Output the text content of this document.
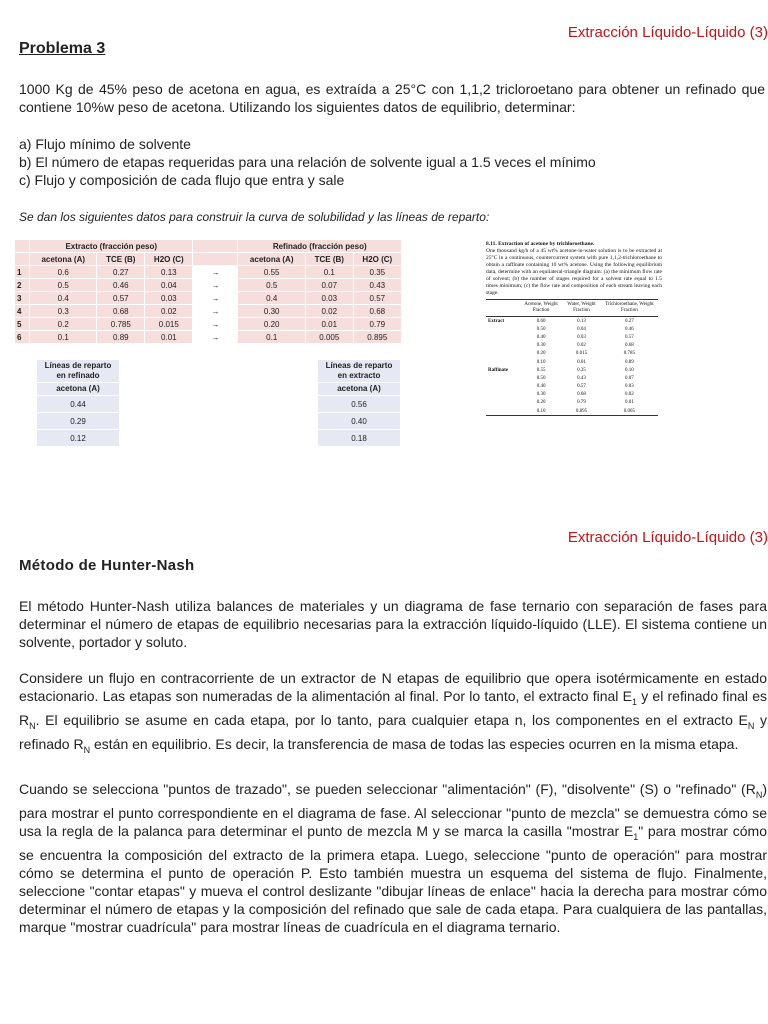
Extracción Líquido-Líquido (3)
Problema 3
1000 Kg de 45% peso de acetona en agua, es extraída a 25°C con 1,1,2 tricloroetano para obtener un refinado que contiene 10%w peso de acetona. Utilizando los siguientes datos de equilibrio, determinar:
a) Flujo mínimo de solvente
b) El número de etapas requeridas para una relación de solvente igual a 1.5 veces el mínimo
c) Flujo y composición de cada flujo que entra y sale
Se dan los siguientes datos para construir la curva de solubilidad y las líneas de reparto:
	Extracto (fracción peso)				Refinado (fracción peso)		
	acetona (A)	TCE (B)	H2O (C)		acetona (A)	TCE (B)	H2O (C)
1	0.6	0.27	0.13	→	0.55	0.1	0.35
2	0.5	0.46	0.04	→	0.5	0.07	0.43
3	0.4	0.57	0.03	→	0.4	0.03	0.57
4	0.3	0.68	0.02	→	0.30	0.02	0.68
5	0.2	0.785	0.015	→	0.20	0.01	0.79
6	0.1	0.89	0.01	→	0.1	0.005	0.895
Líneas de reparto
en refinado
acetona (A)
0.44
0.29
0.12
Líneas de reparto
en extracto
acetona (A)
0.56
0.40
0.18
8.11. Extraction of acetone by trichloroethane.
One thousand kg/h of a 45 wt% acetone-in-water solution is to be extracted at 25°C in a continuous, countercurrent system with pure 1,1,2-trichloroethane to obtain a raffinate containing 10 wt% acetone. Using the following equilibrium data, determine with an equilateral-triangle diagram: (a) the minimum flow rate of solvent; (b) the number of stages required for a solvent rate equal to 1.5 times minimum; (c) the flow rate and composition of each stream leaving each stage.
	Acetone, Weight Fraction	Water, Weight Fraction	Trichloroethane, Weight Fraction
Extract	0.60	0.13	0.27
	0.50	0.04	0.46
	0.40	0.03	0.57
	0.30	0.02	0.68
	0.20	0.015	0.785
	0.10	0.01	0.89
Raffinate	0.55	0.35	0.10
	0.50	0.43	0.07
	0.40	0.57	0.03
	0.30	0.68	0.02
	0.20	0.79	0.01
	0.10	0.895	0.005
Extracción Líquido-Líquido (3)
Método de Hunter-Nash
El método Hunter-Nash utiliza balances de materiales y un diagrama de fase ternario con separación de fases para determinar el número de etapas de equilibrio necesarias para la extracción líquido-líquido (LLE). El sistema contiene un solvente, portador y soluto.
Considere un flujo en contracorriente de un extractor de N etapas de equilibrio que opera isotérmicamente en estado estacionario. Las etapas son numeradas de la alimentación al final. Por lo tanto, el extracto final $E_1$ y el refinado final es $R_N$. El equilibrio se asume en cada etapa, por lo tanto, para cualquier etapa n, los componentes en el extracto $E_N$ y refinado $R_N$ están en equilibrio. Es decir, la transferencia de masa de todas las especies ocurren en la misma etapa.
Cuando se selecciona "puntos de trazado", se pueden seleccionar "alimentación" (F), "disolvente" (S) o "refinado" $(R_N)$ para mostrar el punto correspondiente en el diagrama de fase. Al seleccionar "punto de mezcla" se demuestra cómo se usa la regla de la palanca para determinar el punto de mezcla M y se marca la casilla "mostrar $E_1$" para mostrar cómo se encuentra la composición del extracto de la primera etapa. Luego, seleccione "punto de operación" para mostrar cómo se determina el punto de operación P. Esto también muestra un esquema del sistema de flujo. Finalmente, seleccione "contar etapas" y mueva el control deslizante "dibujar líneas de enlace" hacia la derecha para mostrar cómo determinar el número de etapas y la composición del refinado que sale de cada etapa. Para cualquiera de las pantallas, marque "mostrar cuadrícula" para mostrar líneas de cuadrícula en el diagrama ternario.
